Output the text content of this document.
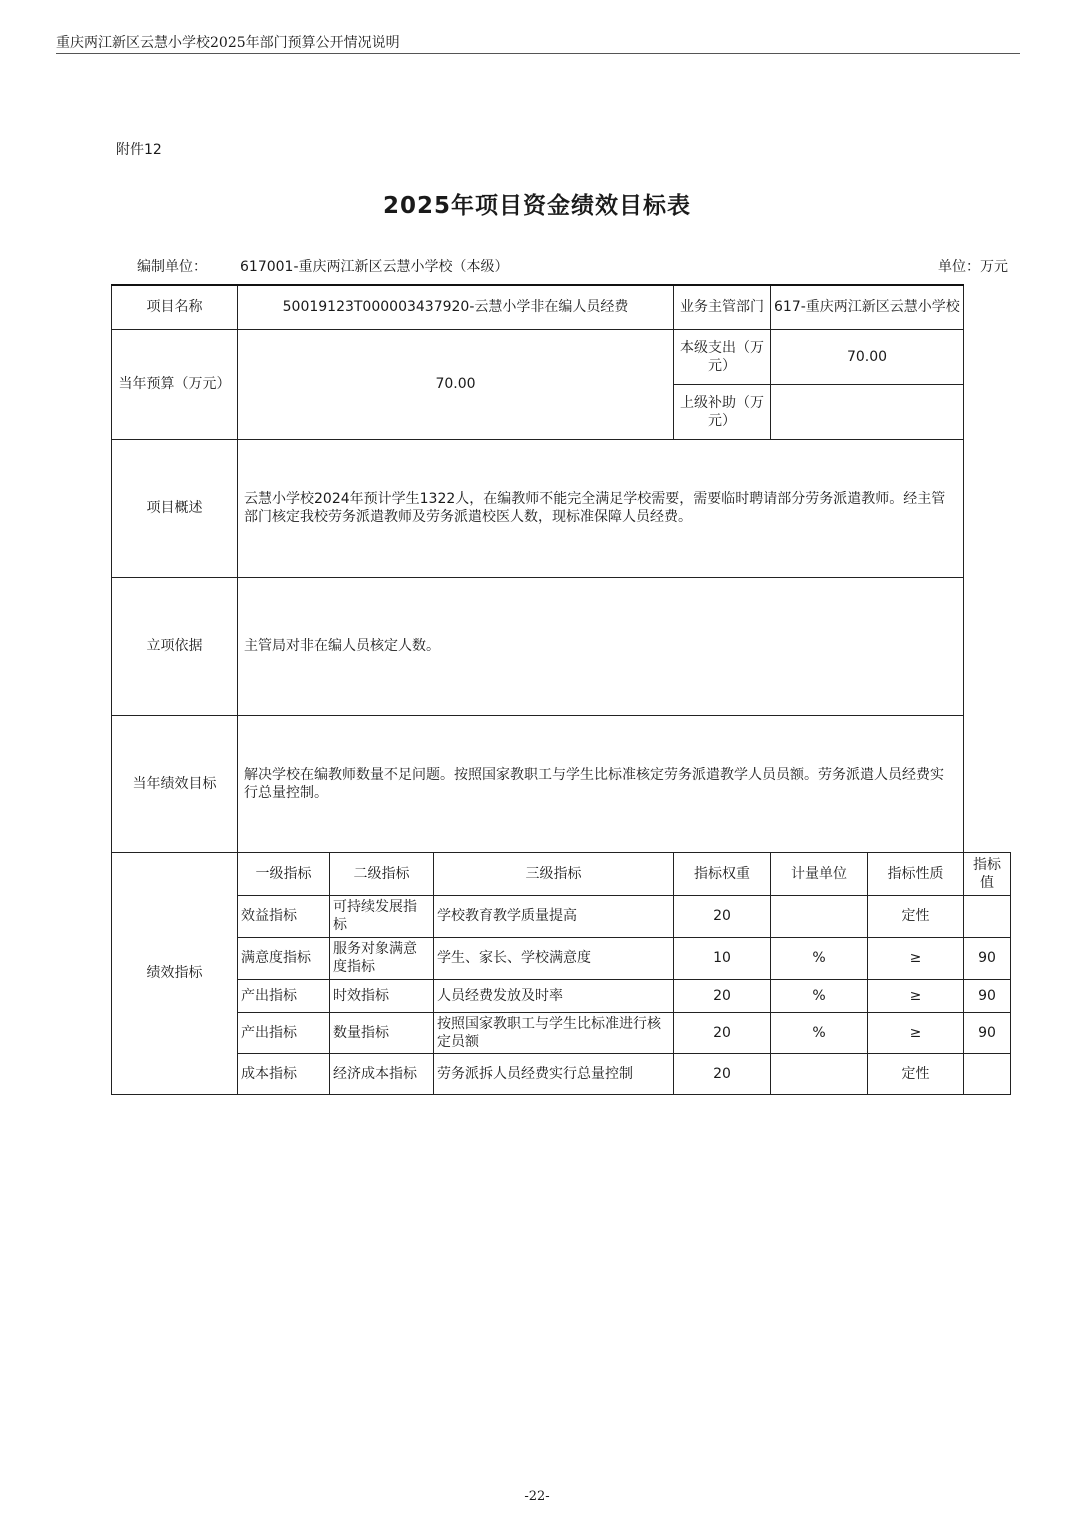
重庆两江新区云慧小学校2025年部门预算公开情况说明
附件12
2025年项目资金绩效目标表
编制单位： 617001-重庆两江新区云慧小学校（本级）	单位：万元
项目名称	50019123T000003437920-云慧小学非在编人员经费			业务主管部门	617-重庆两江新区云慧小学校		
当年预算（万元）	70.00			本级支出（万元）	70.00		
				上级补助（万元）			
项目概述	云慧小学校2024年预计学生1322人，在编教师不能完全满足学校需要，需要临时聘请部分劳务派遣教师。经主管部门核定我校劳务派遣教师及劳务派遣校医人数，现标准保障人员经费。						
立项依据	主管局对非在编人员核定人数。						
当年绩效目标	解决学校在编教师数量不足问题。按照国家教职工与学生比标准核定劳务派遣教学人员员额。劳务派遣人员经费实行总量控制。						
绩效指标	一级指标	二级指标	三级指标	指标权重	计量单位	指标性质	指标值
	效益指标	可持续发展指标	学校教育教学质量提高	20		定性	
	满意度指标	服务对象满意度指标	学生、家长、学校满意度	10	%	≥	90
	产出指标	时效指标	人员经费发放及时率	20	%	≥	90
	产出指标	数量指标	按照国家教职工与学生比标准进行核定员额	20	%	≥	90
	成本指标	经济成本指标	劳务派拆人员经费实行总量控制	20		定性	
-22-
